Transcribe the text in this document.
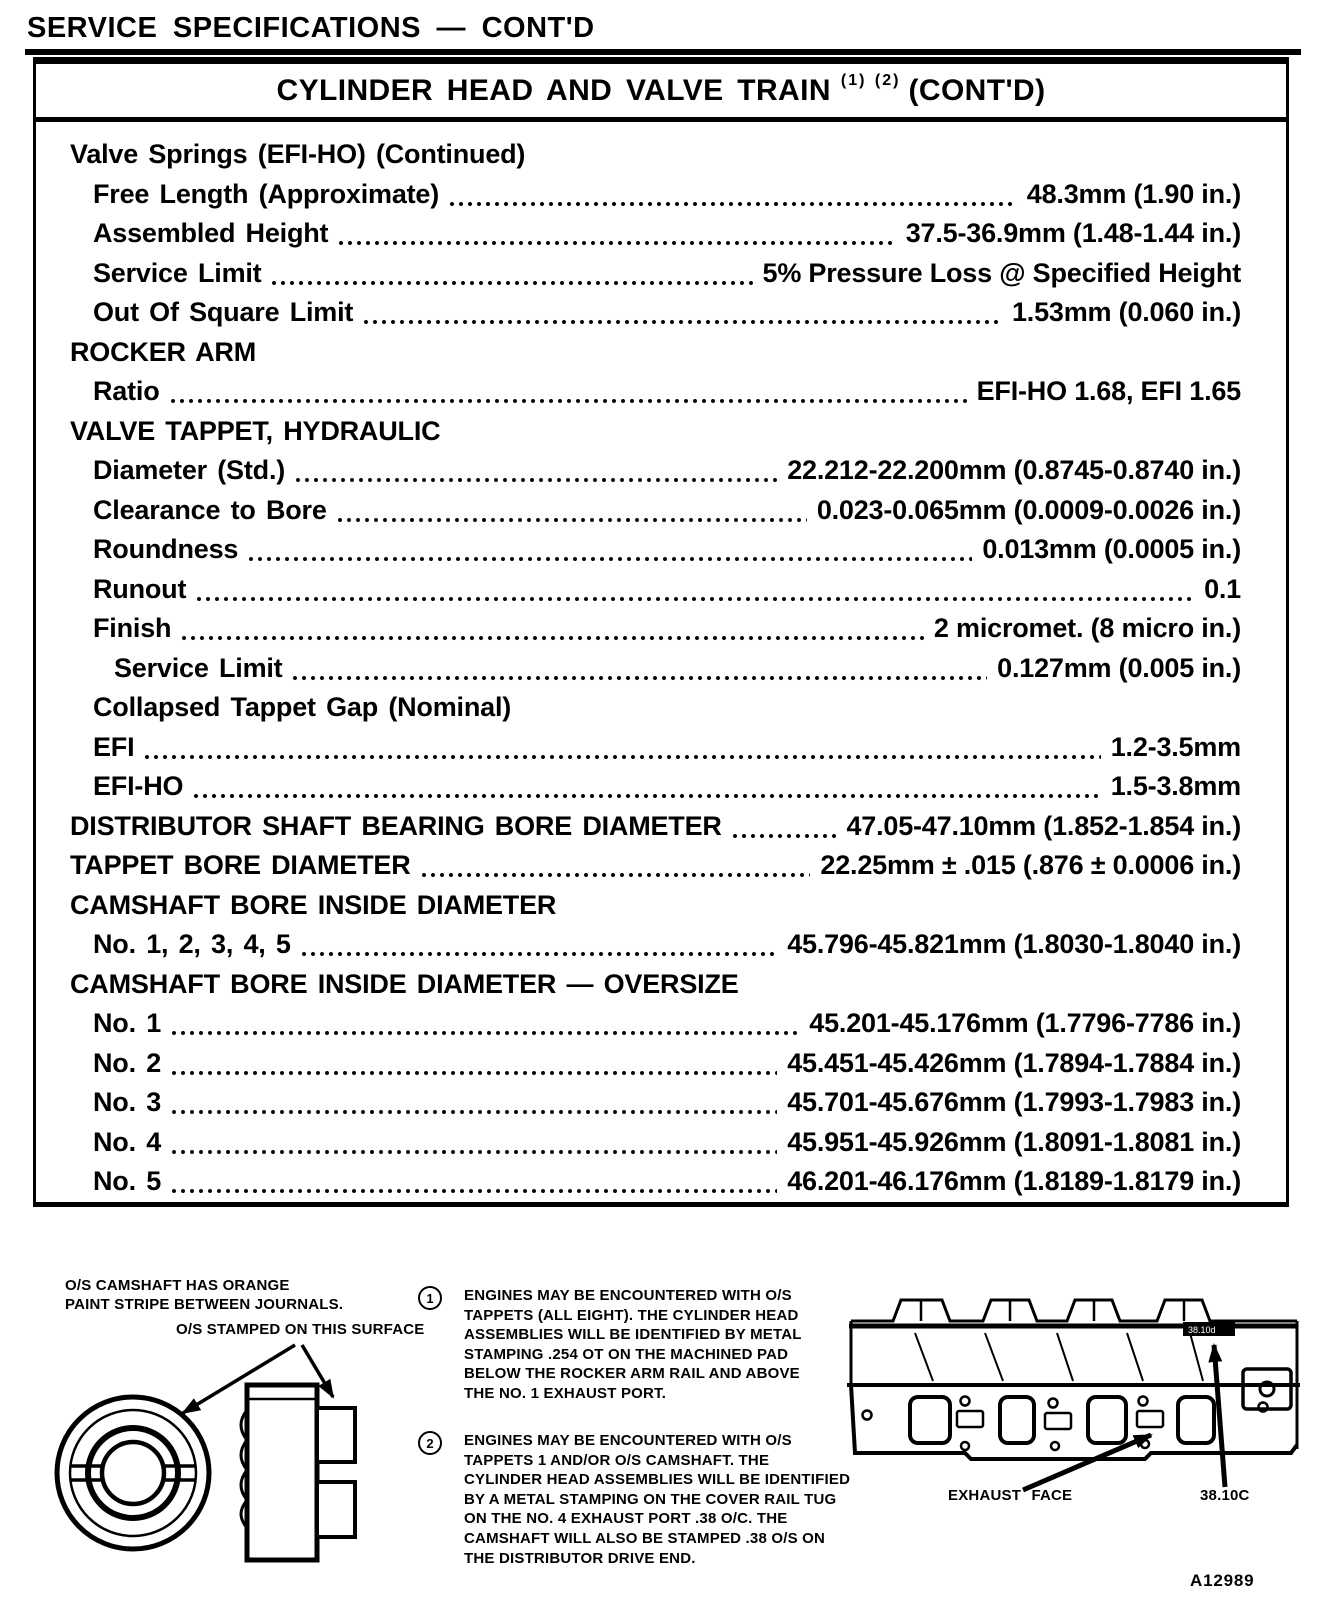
SERVICE SPECIFICATIONS — CONT'D
CYLINDER HEAD AND VALVE TRAIN (1) (2) (CONT'D)
Valve Springs (EFI-HO) (Continued)
Free Length (Approximate)	48.3mm (1.90 in.)
Assembled Height	37.5-36.9mm (1.48-1.44 in.)
Service Limit	5% Pressure Loss @ Specified Height
Out Of Square Limit	1.53mm (0.060 in.)
ROCKER ARM
Ratio	EFI-HO 1.68, EFI 1.65
VALVE TAPPET, HYDRAULIC
Diameter (Std.)	22.212-22.200mm (0.8745-0.8740 in.)
Clearance to Bore	0.023-0.065mm (0.0009-0.0026 in.)
Roundness	0.013mm (0.0005 in.)
Runout	0.1
Finish	2 micromet. (8 micro in.)
Service Limit	0.127mm (0.005 in.)
Collapsed Tappet Gap (Nominal)
EFI	1.2-3.5mm
EFI-HO	1.5-3.8mm
DISTRIBUTOR SHAFT BEARING BORE DIAMETER	47.05-47.10mm (1.852-1.854 in.)
TAPPET BORE DIAMETER	22.25mm ± .015 (.876 ± 0.0006 in.)
CAMSHAFT BORE INSIDE DIAMETER
No. 1, 2, 3, 4, 5	45.796-45.821mm (1.8030-1.8040 in.)
CAMSHAFT BORE INSIDE DIAMETER — OVERSIZE
No. 1	45.201-45.176mm (1.7796-7786 in.)
No. 2	45.451-45.426mm (1.7894-1.7884 in.)
No. 3	45.701-45.676mm (1.7993-1.7983 in.)
No. 4	45.951-45.926mm (1.8091-1.8081 in.)
No. 5	46.201-46.176mm (1.8189-1.8179 in.)
O/S CAMSHAFT HAS ORANGE
PAINT STRIPE BETWEEN JOURNALS.
O/S STAMPED ON THIS SURFACE
1	ENGINES MAY BE ENCOUNTERED WITH O/S
TAPPETS (ALL EIGHT). THE CYLINDER HEAD
ASSEMBLIES WILL BE IDENTIFIED BY METAL
STAMPING .254 OT ON THE MACHINED PAD
BELOW THE ROCKER ARM RAIL AND ABOVE
THE NO. 1 EXHAUST PORT.
2	ENGINES MAY BE ENCOUNTERED WITH O/S
TAPPETS 1 AND/OR O/S CAMSHAFT. THE
CYLINDER HEAD ASSEMBLIES WILL BE IDENTIFIED
BY A METAL STAMPING ON THE COVER RAIL TUG
ON THE NO. 4 EXHAUST PORT .38 O/C. THE
CAMSHAFT WILL ALSO BE STAMPED .38 O/S ON
THE DISTRIBUTOR DRIVE END.
38.10d
EXHAUST FACE	38.10C
A12989
